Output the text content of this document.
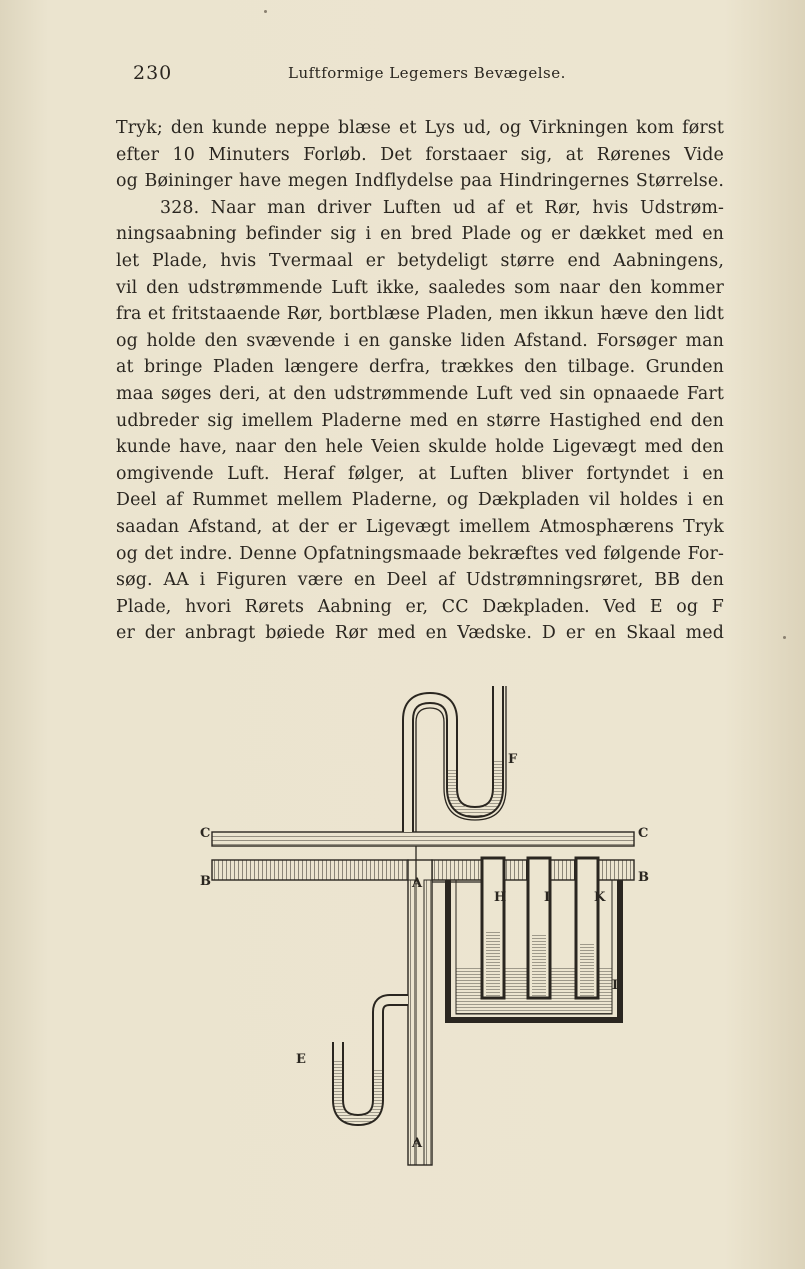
230	Luftformige Legemers Bevægelse.
Tryk; den kunde neppe blæse et Lys ud, og Virkningen kom først
efter 10 Minuters Forløb. Det forstaaer sig, at Rørenes Vide
og Bøininger have megen Indflydelse paa Hindringernes Størrelse.
328. Naar man driver Luften ud af et Rør, hvis Udstrøm-
ningsaabning befinder sig i en bred Plade og er dækket med en
let Plade, hvis Tvermaal er betydeligt større end Aabningens,
vil den udstrømmende Luft ikke, saaledes som naar den kommer
fra et fritstaaende Rør, bortblæse Pladen, men ikkun hæve den lidt
og holde den svævende i en ganske liden Afstand. Forsøger man
at bringe Pladen længere derfra, trækkes den tilbage. Grunden
maa søges deri, at den udstrømmende Luft ved sin opnaaede Fart
udbreder sig imellem Pladerne med en større Hastighed end den
kunde have, naar den hele Veien skulde holde Ligevægt med den
omgivende Luft. Heraf følger, at Luften bliver fortyndet i en
Deel af Rummet mellem Pladerne, og Dækpladen vil holdes i en
saadan Afstand, at der er Ligevægt imellem Atmosphærens Tryk
og det indre. Denne Opfatningsmaade bekræftes ved følgende For-
søg. AA i Figuren være en Deel af Udstrømningsrøret, BB den
Plade, hvori Rørets Aabning er, CC Dækpladen. Ved E og F
er der anbragt bøiede Rør med en Vædske. D er en Skaal med
C	C
B	B
A
A
E
F
H	I	K
D
